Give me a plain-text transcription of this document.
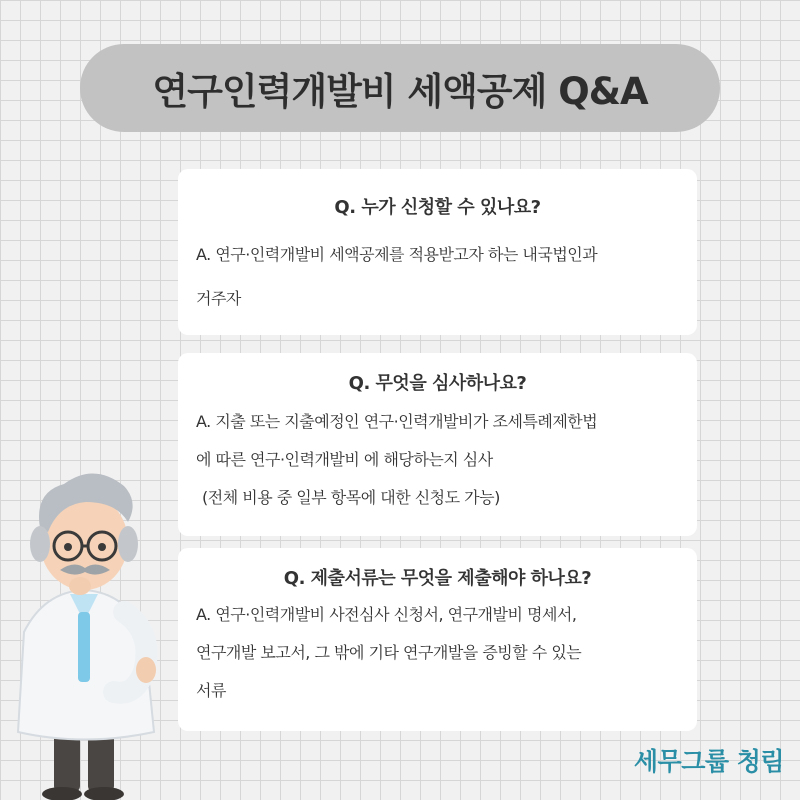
연구인력개발비 세액공제 Q&A
Q. 누가 신청할 수 있나요?
A. 연구·인력개발비 세액공제를 적용받고자 하는 내국법인과
거주자
Q. 무엇을 심사하나요?
A. 지출 또는 지출예정인 연구·인력개발비가 조세특례제한법
에 따른 연구·인력개발비 에 해당하는지 심사
(전체 비용 중 일부 항목에 대한 신청도 가능)
Q. 제출서류는 무엇을 제출해야 하나요?
A. 연구·인력개발비 사전심사 신청서, 연구개발비 명세서,
연구개발 보고서, 그 밖에 기타 연구개발을 증빙할 수 있는
서류
세무그룹 청림
